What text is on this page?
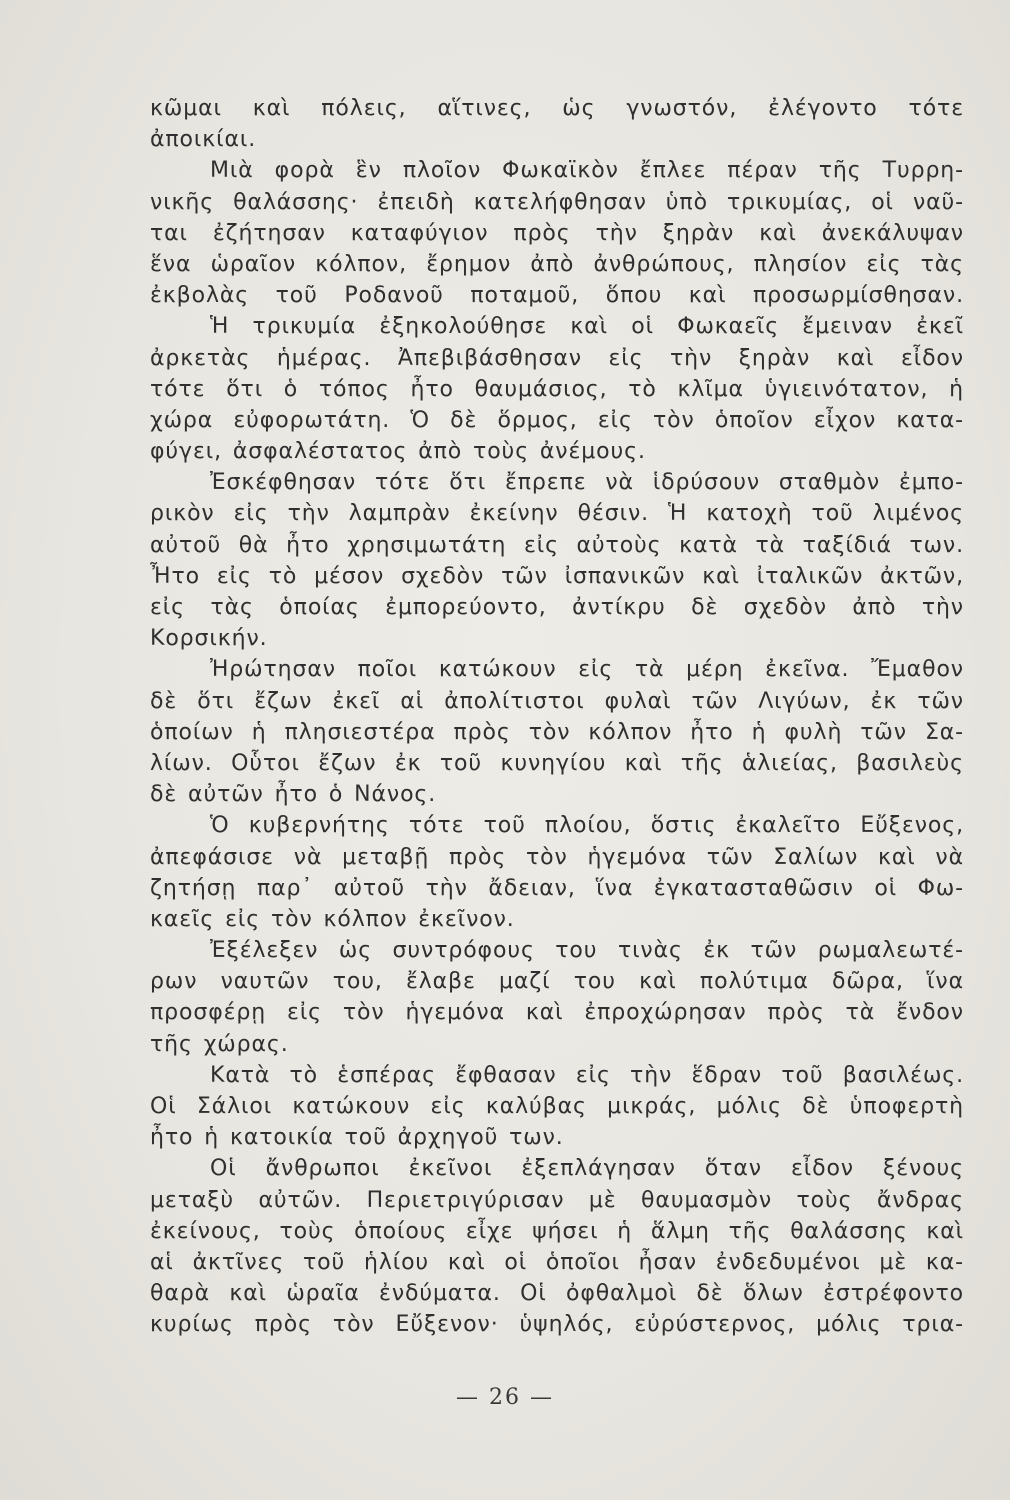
κῶμαι καὶ πόλεις, αἵτινες, ὡς γνωστόν, ἐλέγοντο τότε
ἀποικίαι.
Μιὰ φορὰ ἓν πλοῖον Φωκαϊκὸν ἔπλεε πέραν τῆς Τυρρη-
νικῆς θαλάσσης· ἐπειδὴ κατελήφθησαν ὑπὸ τρικυμίας, οἱ ναῦ-
ται ἐζήτησαν καταφύγιον πρὸς τὴν ξηρὰν καὶ ἀνεκάλυψαν
ἕνα ὡραῖον κόλπον, ἔρημον ἀπὸ ἀνθρώπους, πλησίον εἰς τὰς
ἐκβολὰς τοῦ Ροδανοῦ ποταμοῦ, ὅπου καὶ προσωρμίσθησαν.
Ἡ τρικυμία ἐξηκολούθησε καὶ οἱ Φωκαεῖς ἔμειναν ἐκεῖ
ἀρκετὰς ἡμέρας. Ἀπεβιβάσθησαν εἰς τὴν ξηρὰν καὶ εἶδον
τότε ὅτι ὁ τόπος ἦτο θαυμάσιος, τὸ κλῖμα ὑγιεινότατον, ἡ
χώρα εὐφορωτάτη. Ὁ δὲ ὅρμος, εἰς τὸν ὁποῖον εἶχον κατα-
φύγει, ἀσφαλέστατος ἀπὸ τοὺς ἀνέμους.
Ἐσκέφθησαν τότε ὅτι ἔπρεπε νὰ ἱδρύσουν σταθμὸν ἐμπο-
ρικὸν εἰς τὴν λαμπρὰν ἐκείνην θέσιν. Ἡ κατοχὴ τοῦ λιμένος
αὐτοῦ θὰ ἦτο χρησιμωτάτη εἰς αὐτοὺς κατὰ τὰ ταξίδιά των.
Ἦτο εἰς τὸ μέσον σχεδὸν τῶν ἰσπανικῶν καὶ ἰταλικῶν ἀκτῶν,
εἰς τὰς ὁποίας ἐμπορεύοντο, ἀντίκρυ δὲ σχεδὸν ἀπὸ τὴν
Κορσικήν.
Ἠρώτησαν ποῖοι κατώκουν εἰς τὰ μέρη ἐκεῖνα. Ἔμαθον
δὲ ὅτι ἔζων ἐκεῖ αἱ ἀπολίτιστοι φυλαὶ τῶν Λιγύων, ἐκ τῶν
ὁποίων ἡ πλησιεστέρα πρὸς τὸν κόλπον ἦτο ἡ φυλὴ τῶν Σα-
λίων. Οὗτοι ἔζων ἐκ τοῦ κυνηγίου καὶ τῆς ἁλιείας, βασιλεὺς
δὲ αὐτῶν ἦτο ὁ Νάνος.
Ὁ κυβερνήτης τότε τοῦ πλοίου, ὅστις ἐκαλεῖτο Εὔξενος,
ἀπεφάσισε νὰ μεταβῇ πρὸς τὸν ἡγεμόνα τῶν Σαλίων καὶ νὰ
ζητήσῃ παρ᾿ αὐτοῦ τὴν ἄδειαν, ἵνα ἐγκατασταθῶσιν οἱ Φω-
καεῖς εἰς τὸν κόλπον ἐκεῖνον.
Ἐξέλεξεν ὡς συντρόφους του τινὰς ἐκ τῶν ρωμαλεωτέ-
ρων ναυτῶν του, ἔλαβε μαζί του καὶ πολύτιμα δῶρα, ἵνα
προσφέρῃ εἰς τὸν ἡγεμόνα καὶ ἐπροχώρησαν πρὸς τὰ ἔνδον
τῆς χώρας.
Κατὰ τὸ ἑσπέρας ἔφθασαν εἰς τὴν ἕδραν τοῦ βασιλέως.
Οἱ Σάλιοι κατώκουν εἰς καλύβας μικράς, μόλις δὲ ὑποφερτὴ
ἦτο ἡ κατοικία τοῦ ἀρχηγοῦ των.
Οἱ ἄνθρωποι ἐκεῖνοι ἐξεπλάγησαν ὅταν εἶδον ξένους
μεταξὺ αὐτῶν. Περιετριγύρισαν μὲ θαυμασμὸν τοὺς ἄνδρας
ἐκείνους, τοὺς ὁποίους εἶχε ψήσει ἡ ἅλμη τῆς θαλάσσης καὶ
αἱ ἀκτῖνες τοῦ ἡλίου καὶ οἱ ὁποῖοι ἦσαν ἐνδεδυμένοι μὲ κα-
θαρὰ καὶ ὡραῖα ἐνδύματα. Οἱ ὀφθαλμοὶ δὲ ὅλων ἐστρέφοντο
κυρίως πρὸς τὸν Εὔξενον· ὑψηλός, εὐρύστερνος, μόλις τρια-
— 26 —
